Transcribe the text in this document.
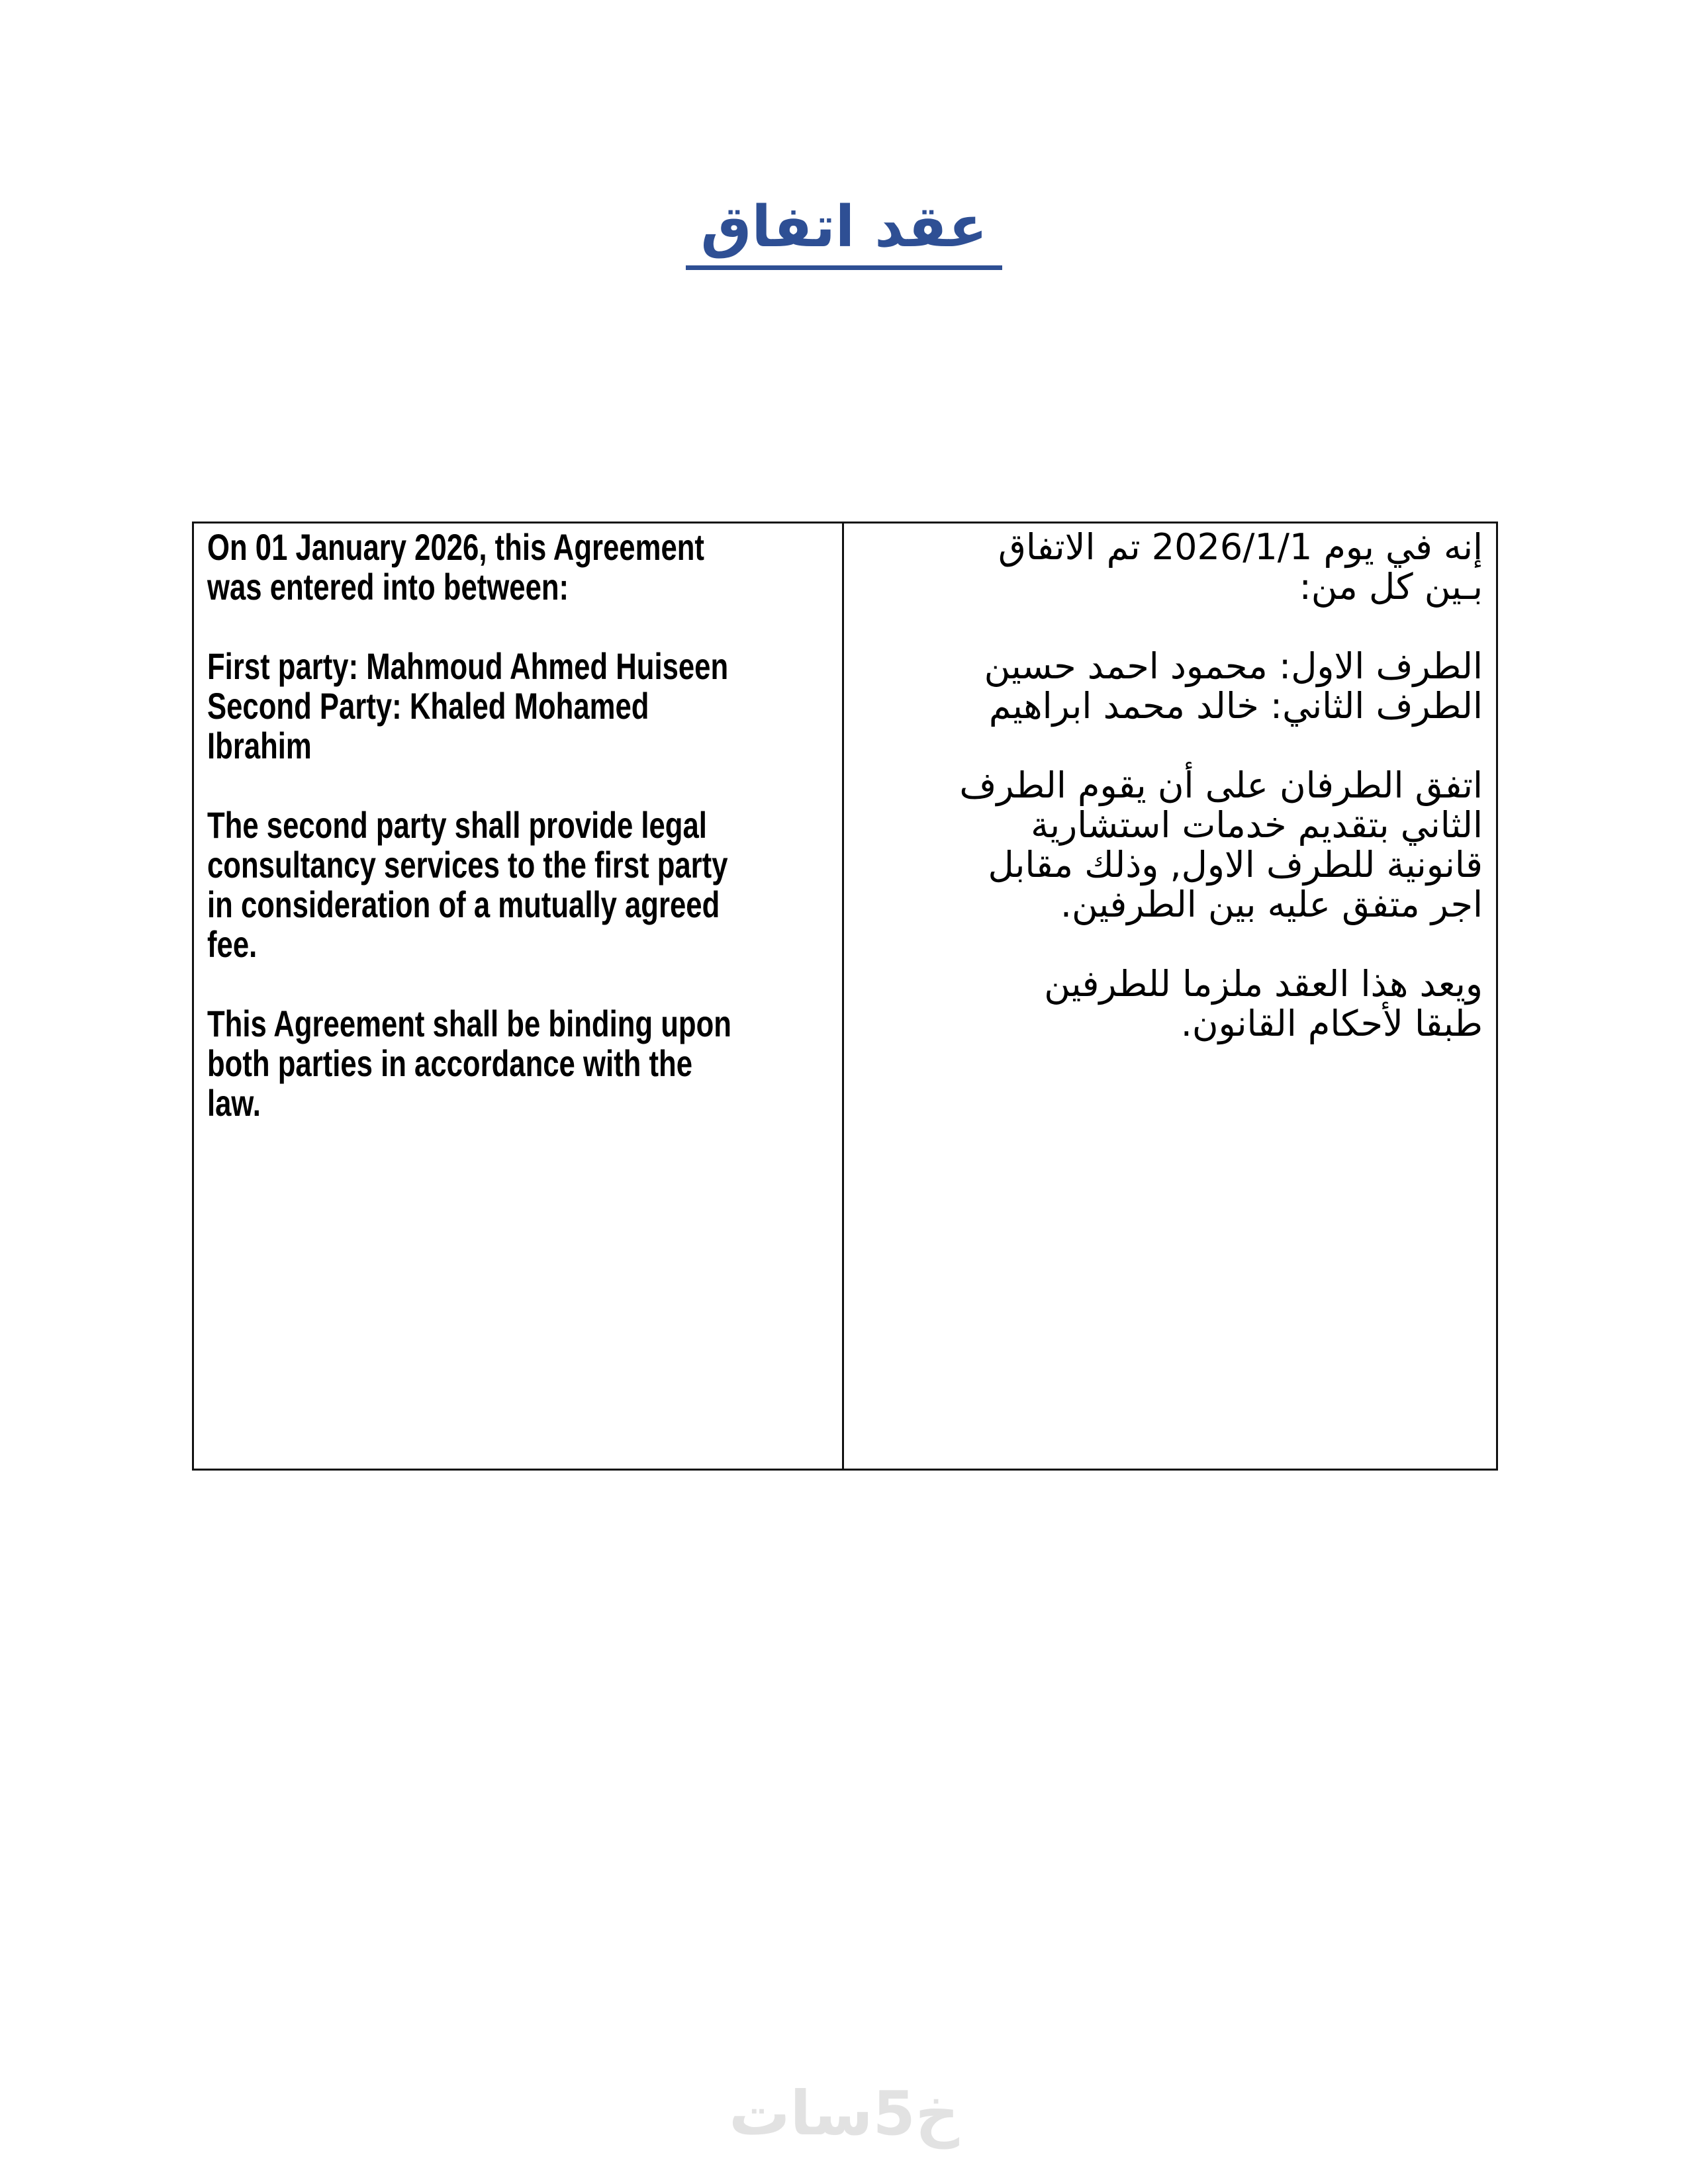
عقد اتفاق
On 01 January 2026, this Agreement
was entered into between:
First party: Mahmoud Ahmed Huiseen
Second Party: Khaled Mohamed
Ibrahim
The second party shall provide legal
consultancy services to the first party
in consideration of a mutually agreed
fee.
This Agreement shall be binding upon
both parties in accordance with the
law.
إنه في يوم 2026/1/1 تم الاتفاق
بـين كل من:
الطرف الاول: محمود احمد حسين
الطرف الثاني: خالد محمد ابراهيم
اتفق الطرفان على أن يقوم الطرف
الثاني بتقديم خدمات استشارية
قانونية للطرف الاول, وذلك مقابل
اجر متفق عليه بين الطرفين.
ويعد هذا العقد ملزما للطرفين
طبقا لأحكام القانون.
خ5سات
